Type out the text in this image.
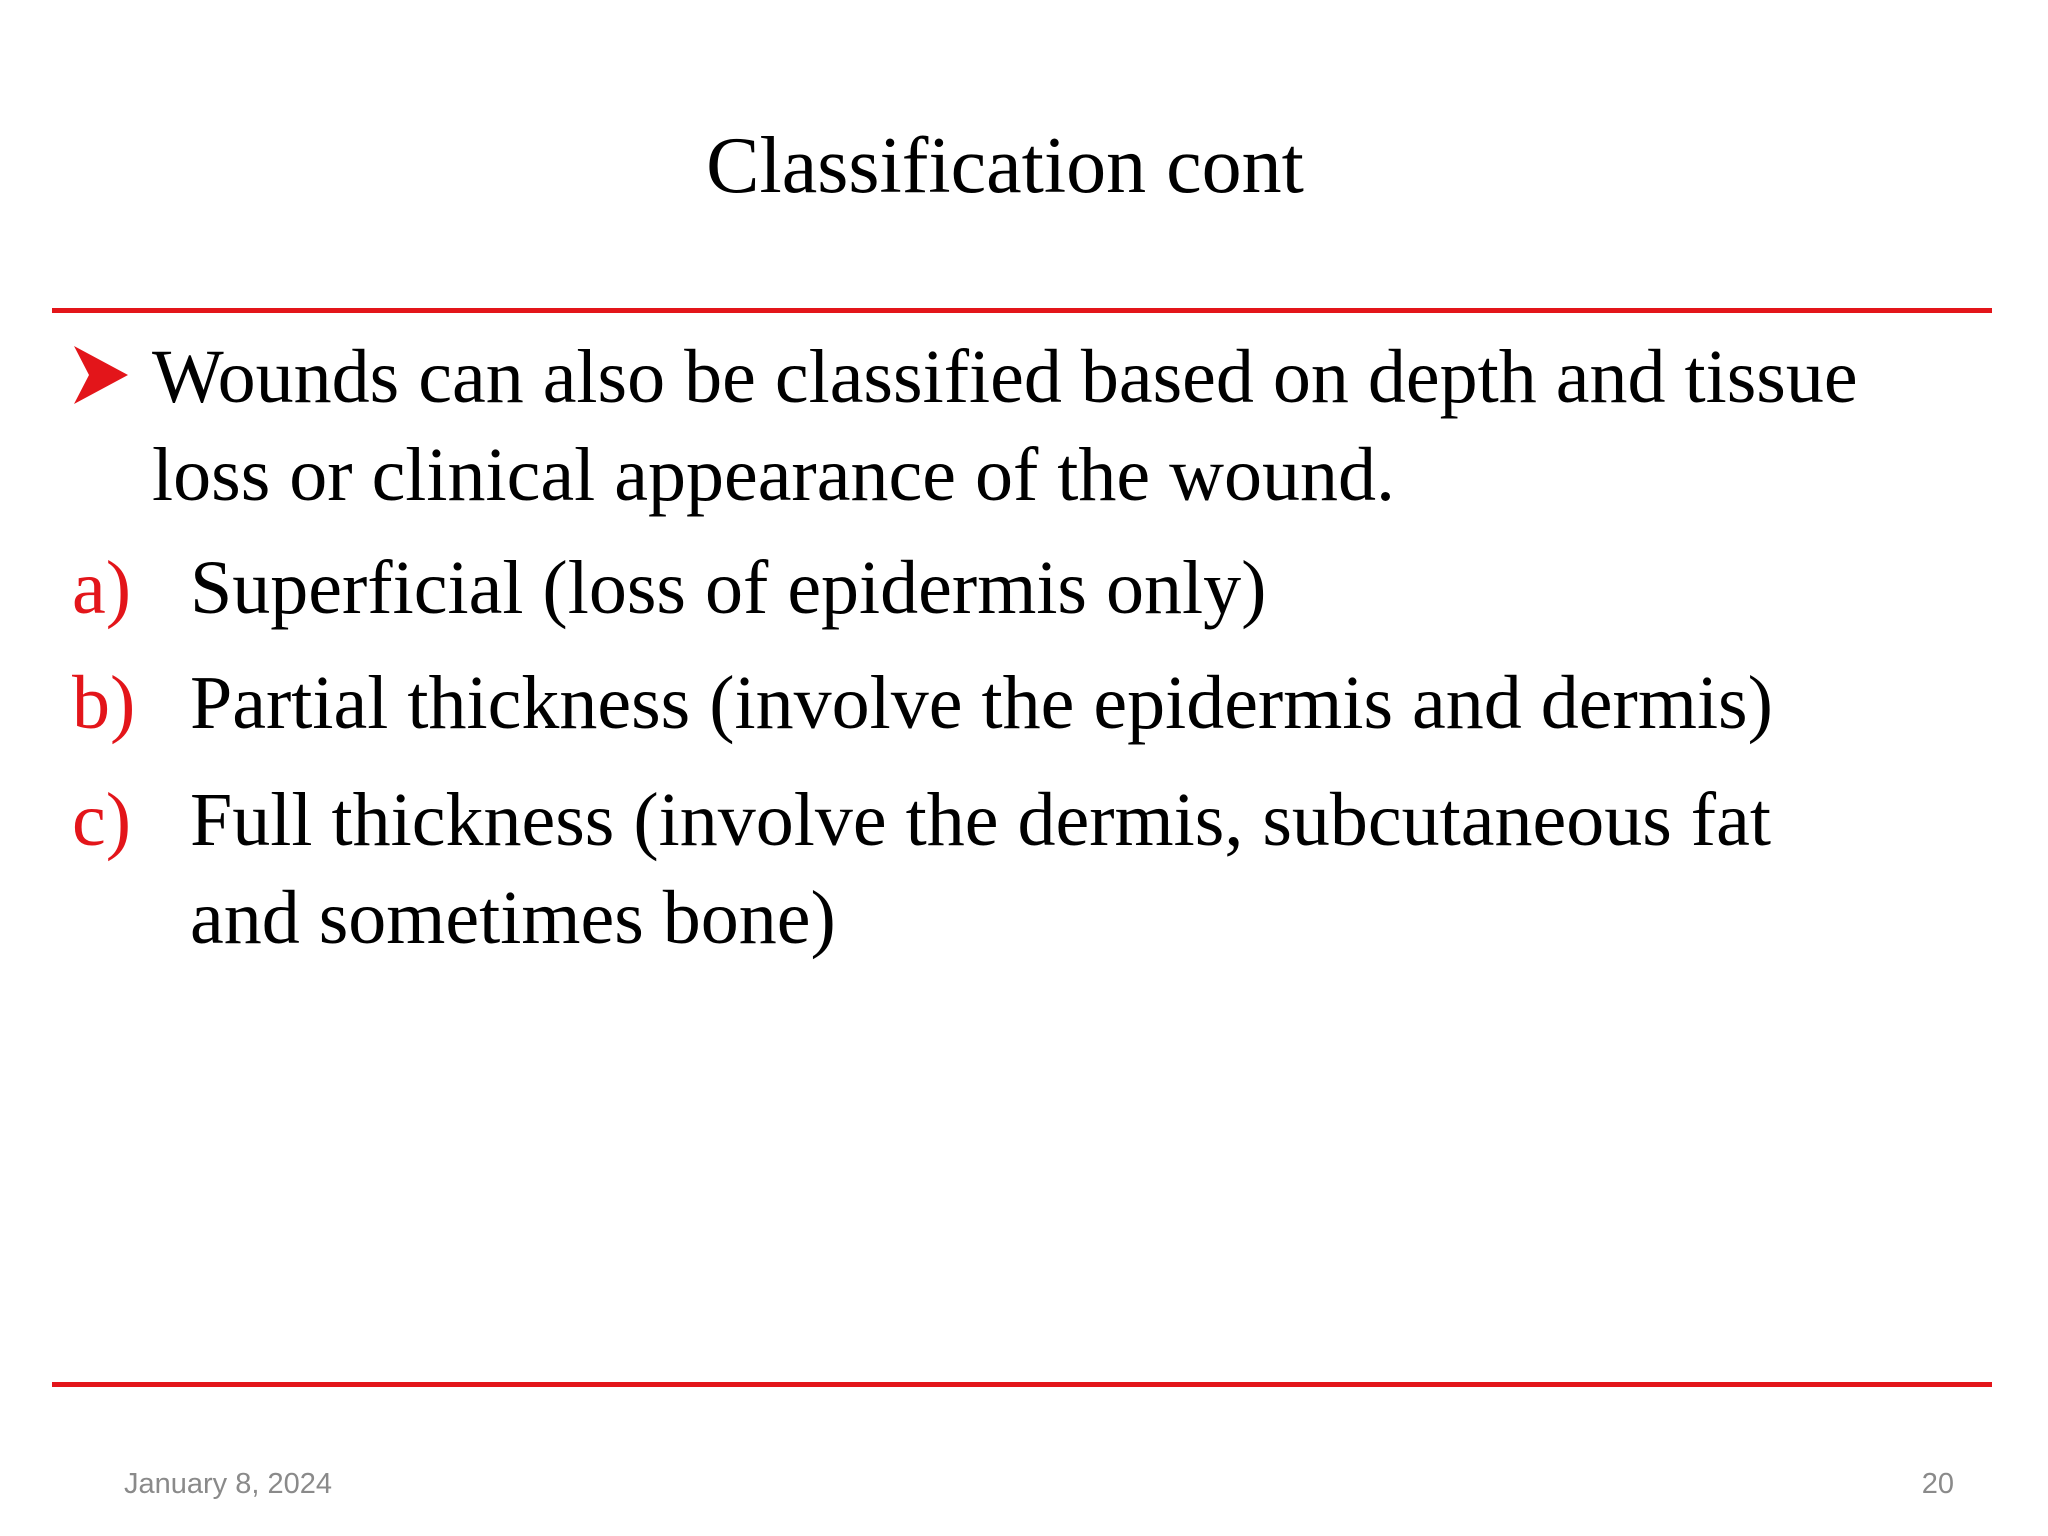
Classification cont
Wounds can also be classified based on depth and tissue
loss or clinical appearance of the wound.
a) Superficial (loss of epidermis only)
b) Partial thickness (involve the epidermis and dermis)
c) Full thickness (involve the dermis, subcutaneous fat
and sometimes bone)
January 8, 2024	20
